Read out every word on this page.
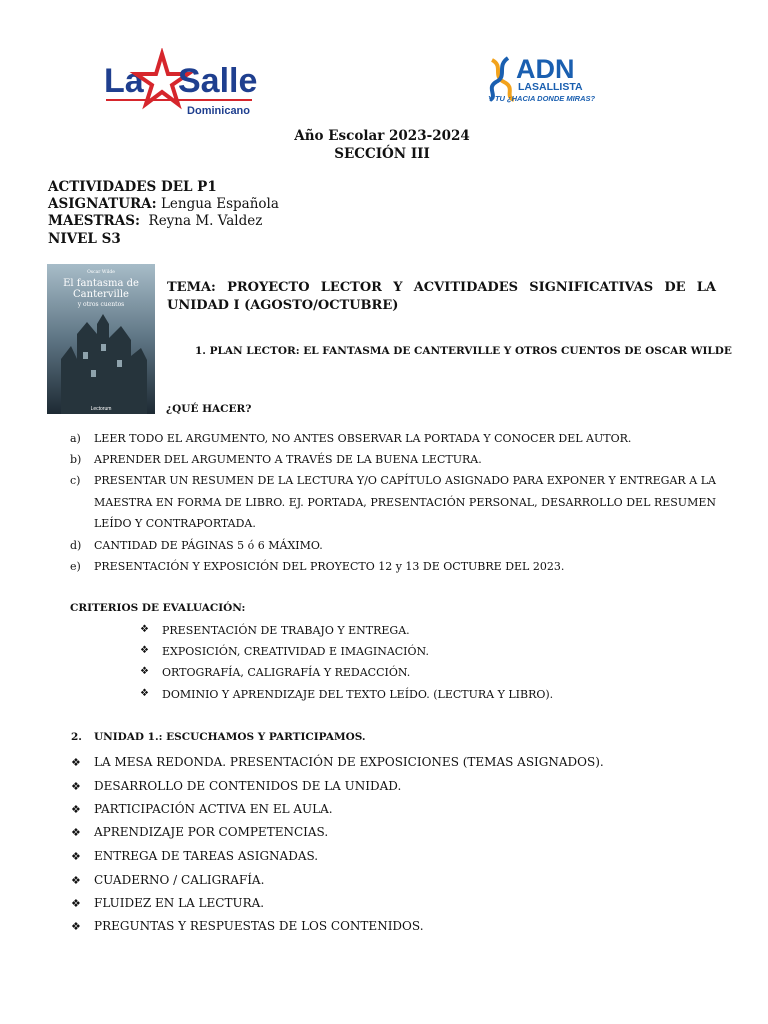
La Salle
Dominicano
ADN
LASALLISTA
Y TU ¿HACIA DONDE MIRAS?
Año Escolar 2023-2024
SECCIÓN III
ACTIVIDADES DEL P1
ASIGNATURA: Lengua Española
MAESTRAS: Reyna M. Valdez
NIVEL S3
Oscar Wilde
El fantasma de
Canterville
y otros cuentos
Lectorum
TEMA: PROYECTO LECTOR Y ACVITIDADES SIGNIFICATIVAS DE LA UNIDAD I (AGOSTO/OCTUBRE)
1. PLAN LECTOR: EL FANTASMA DE CANTERVILLE Y OTROS CUENTOS DE OSCAR WILDE
¿QUÉ HACER?
a) LEER TODO EL ARGUMENTO, NO ANTES OBSERVAR LA PORTADA Y CONOCER DEL AUTOR.
b) APRENDER DEL ARGUMENTO A TRAVÉS DE LA BUENA LECTURA.
c) PRESENTAR UN RESUMEN DE LA LECTURA Y/O CAPÍTULO ASIGNADO PARA EXPONER Y ENTREGAR A LA MAESTRA EN FORMA DE LIBRO. EJ. PORTADA, PRESENTACIÓN PERSONAL, DESARROLLO DEL RESUMEN LEÍDO Y CONTRAPORTADA.
d) CANTIDAD DE PÁGINAS 5 ó 6 MÁXIMO.
e) PRESENTACIÓN Y EXPOSICIÓN DEL PROYECTO 12 y 13 DE OCTUBRE DEL 2023.
CRITERIOS DE EVALUACIÓN:
❖ PRESENTACIÓN DE TRABAJO Y ENTREGA.
❖ EXPOSICIÓN, CREATIVIDAD E IMAGINACIÓN.
❖ ORTOGRAFÍA, CALIGRAFÍA Y REDACCIÓN.
❖ DOMINIO Y APRENDIZAJE DEL TEXTO LEÍDO. (LECTURA Y LIBRO).
2. UNIDAD 1.: ESCUCHAMOS Y PARTICIPAMOS.
❖ LA MESA REDONDA. PRESENTACIÓN DE EXPOSICIONES (TEMAS ASIGNADOS).
❖ DESARROLLO DE CONTENIDOS DE LA UNIDAD.
❖ PARTICIPACIÓN ACTIVA EN EL AULA.
❖ APRENDIZAJE POR COMPETENCIAS.
❖ ENTREGA DE TAREAS ASIGNADAS.
❖ CUADERNO / CALIGRAFÍA.
❖ FLUIDEZ EN LA LECTURA.
❖ PREGUNTAS Y RESPUESTAS DE LOS CONTENIDOS.
